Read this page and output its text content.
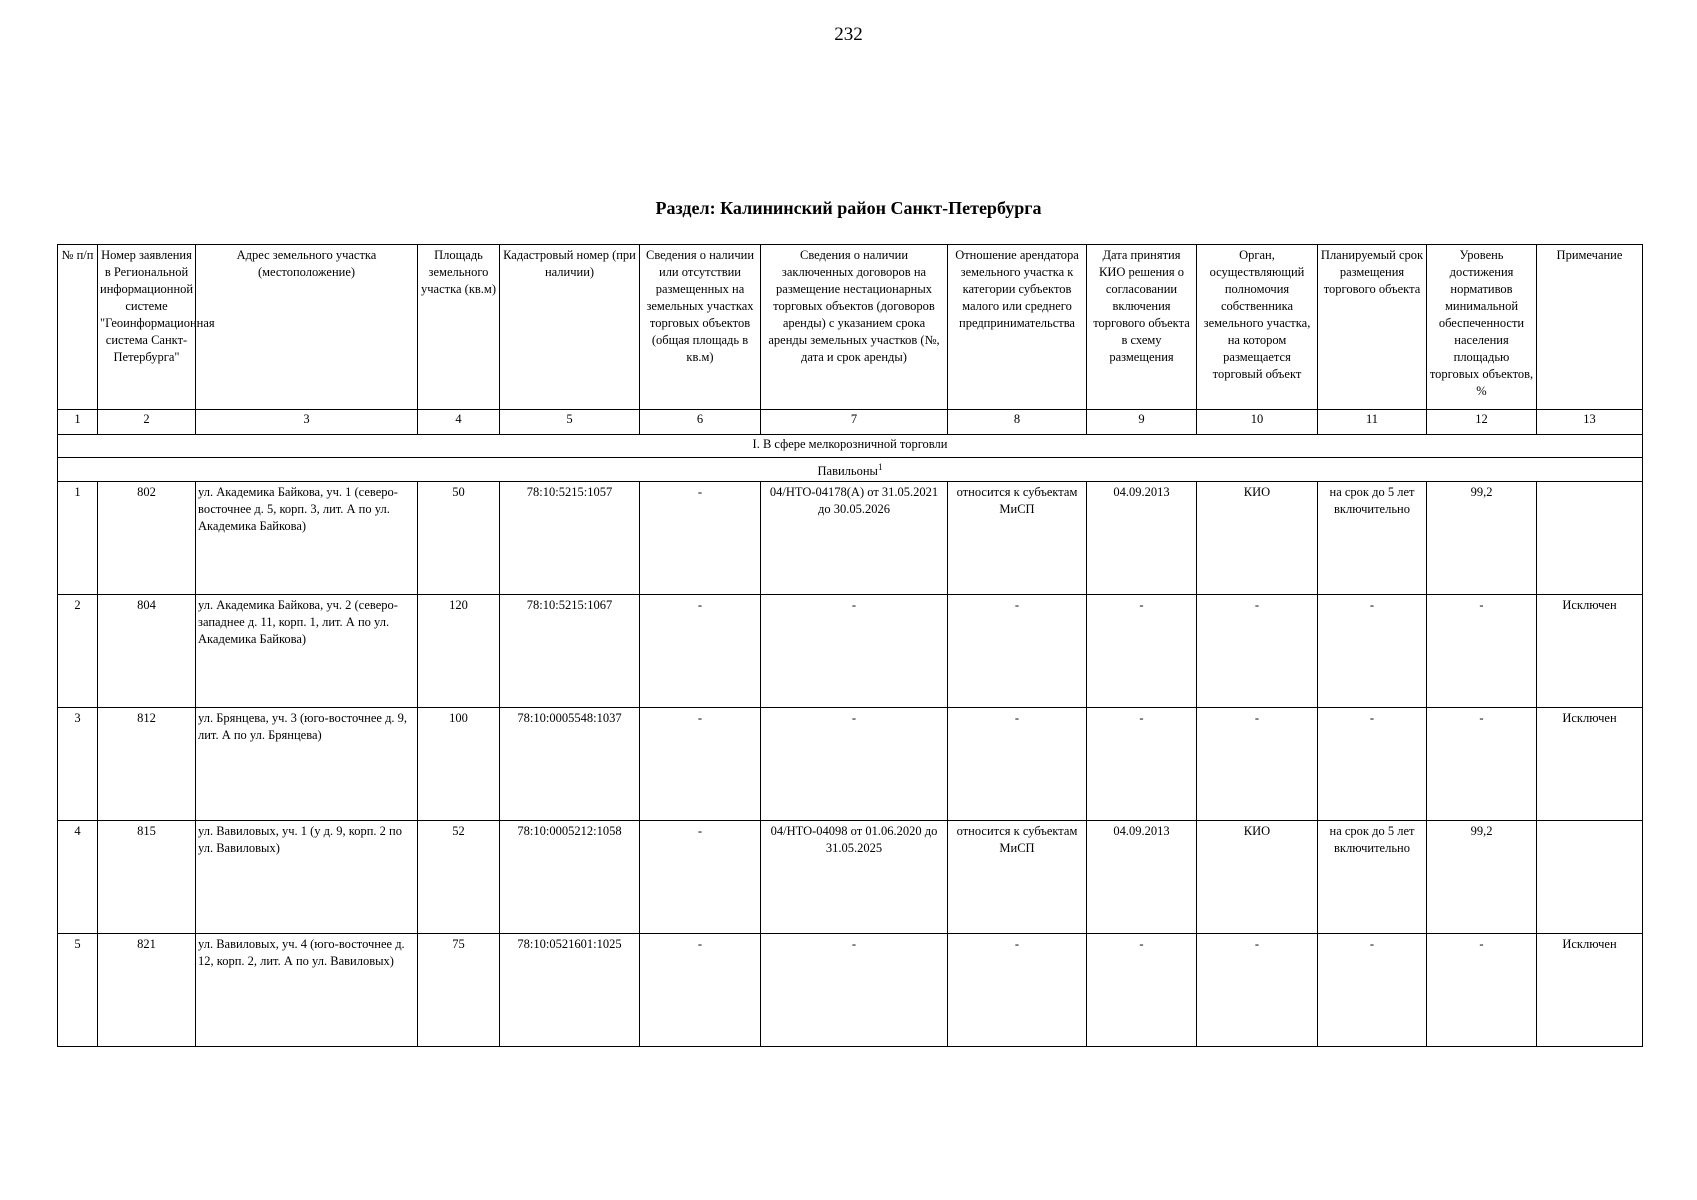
232
Раздел: Калининский район Санкт-Петербурга
№ п/п	Номер заявления в Региональной информационной системе "Геоинформационная система Санкт-Петербурга"	Адрес земельного участка (местоположение)	Площадь земельного участка (кв.м)	Кадастровый номер (при наличии)	Сведения о наличии или отсутствии размещенных на земельных участках торговых объектов (общая площадь в кв.м)	Сведения о наличии заключенных договоров на размещение нестационарных торговых объектов (договоров аренды) с указанием срока аренды земельных участков (№, дата и срок аренды)	Отношение арендатора земельного участка к категории субъектов малого или среднего предпринимательства	Дата принятия КИО решения о согласовании включения торгового объекта в схему размещения	Орган, осуществляющий полномочия собственника земельного участка, на котором размещается торговый объект	Планируемый срок размещения торгового объекта	Уровень достижения нормативов минимальной обеспеченности населения площадью торговых объектов, %	Примечание
1	2	3	4	5	6	7	8	9	10	11	12	13
I. В сфере мелкорозничной торговли												
Павильоны$^1$
1	802	ул. Академика Байкова, уч. 1 (северо-восточнее д. 5, корп. 3, лит. А по ул. Академика Байкова)	50	78:10:5215:1057	-	04/НТО-04178(А) от 31.05.2021 до 30.05.2026	относится к субъектам МиСП	04.09.2013	КИО	на срок до 5 лет включительно	99,2	
2	804	ул. Академика Байкова, уч. 2 (северо-западнее д. 11, корп. 1, лит. А по ул. Академика Байкова)	120	78:10:5215:1067	-	-	-	-	-	-	-	Исключен
3	812	ул. Брянцева, уч. 3 (юго-восточнее д. 9, лит. А по ул. Брянцева)	100	78:10:0005548:1037	-	-	-	-	-	-	-	Исключен
4	815	ул. Вавиловых, уч. 1 (у д. 9, корп. 2 по ул. Вавиловых)	52	78:10:0005212:1058	-	04/НТО-04098 от 01.06.2020 до 31.05.2025	относится к субъектам МиСП	04.09.2013	КИО	на срок до 5 лет включительно	99,2	
5	821	ул. Вавиловых, уч. 4 (юго-восточнее д. 12, корп. 2, лит. А по ул. Вавиловых)	75	78:10:0521601:1025	-	-	-	-	-	-	-	Исключен
